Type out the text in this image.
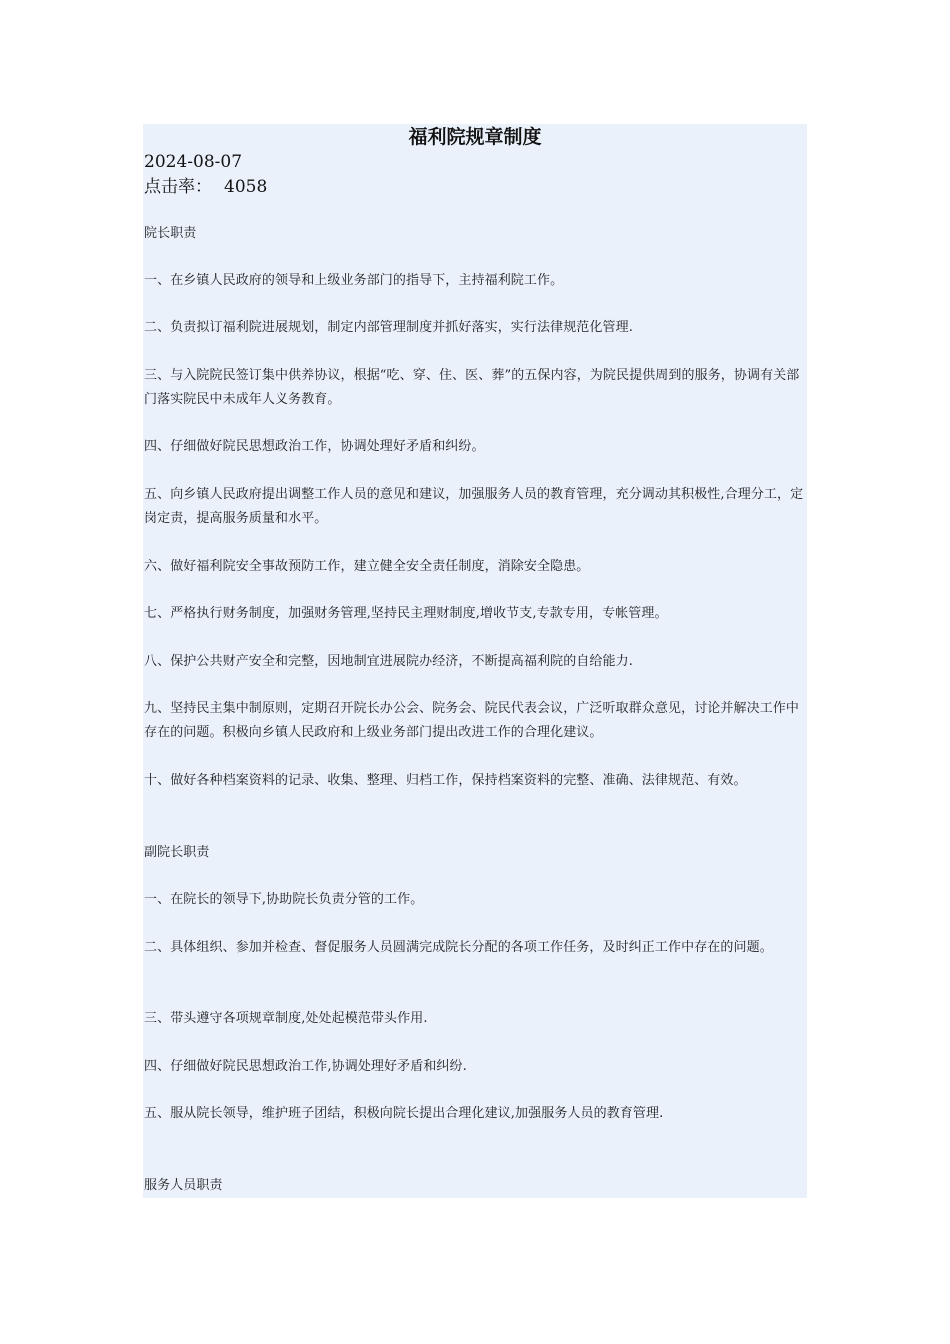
福利院规章制度
2024-08-07
点击率： 4058
院长职责
一、在乡镇人民政府的领导和上级业务部门的指导下，主持福利院工作。
二、负责拟订福利院进展规划，制定内部管理制度并抓好落实，实行法律规范化管理.
三、与入院院民签订集中供养协议，根据“吃、穿、住、医、葬”的五保内容，为院民提供周到的服务，协调有关部门落实院民中未成年人义务教育。
四、仔细做好院民思想政治工作，协调处理好矛盾和纠纷。
五、向乡镇人民政府提出调整工作人员的意见和建议，加强服务人员的教育管理，充分调动其积极性,合理分工，定岗定责，提高服务质量和水平。
六、做好福利院安全事故预防工作，建立健全安全责任制度，消除安全隐患。
七、严格执行财务制度，加强财务管理,坚持民主理财制度,增收节支,专款专用，专帐管理。
八、保护公共财产安全和完整，因地制宜进展院办经济，不断提高福利院的自给能力.
九、坚持民主集中制原则，定期召开院长办公会、院务会、院民代表会议，广泛听取群众意见，讨论并解决工作中存在的问题。积极向乡镇人民政府和上级业务部门提出改进工作的合理化建议。
十、做好各种档案资料的记录、收集、整理、归档工作，保持档案资料的完整、准确、法律规范、有效。
副院长职责
一、在院长的领导下,协助院长负责分管的工作。
二、具体组织、参加并检查、督促服务人员圆满完成院长分配的各项工作任务，及时纠正工作中存在的问题。
三、带头遵守各项规章制度,处处起模范带头作用.
四、仔细做好院民思想政治工作,协调处理好矛盾和纠纷.
五、服从院长领导，维护班子团结，积极向院长提出合理化建议,加强服务人员的教育管理.
服务人员职责
